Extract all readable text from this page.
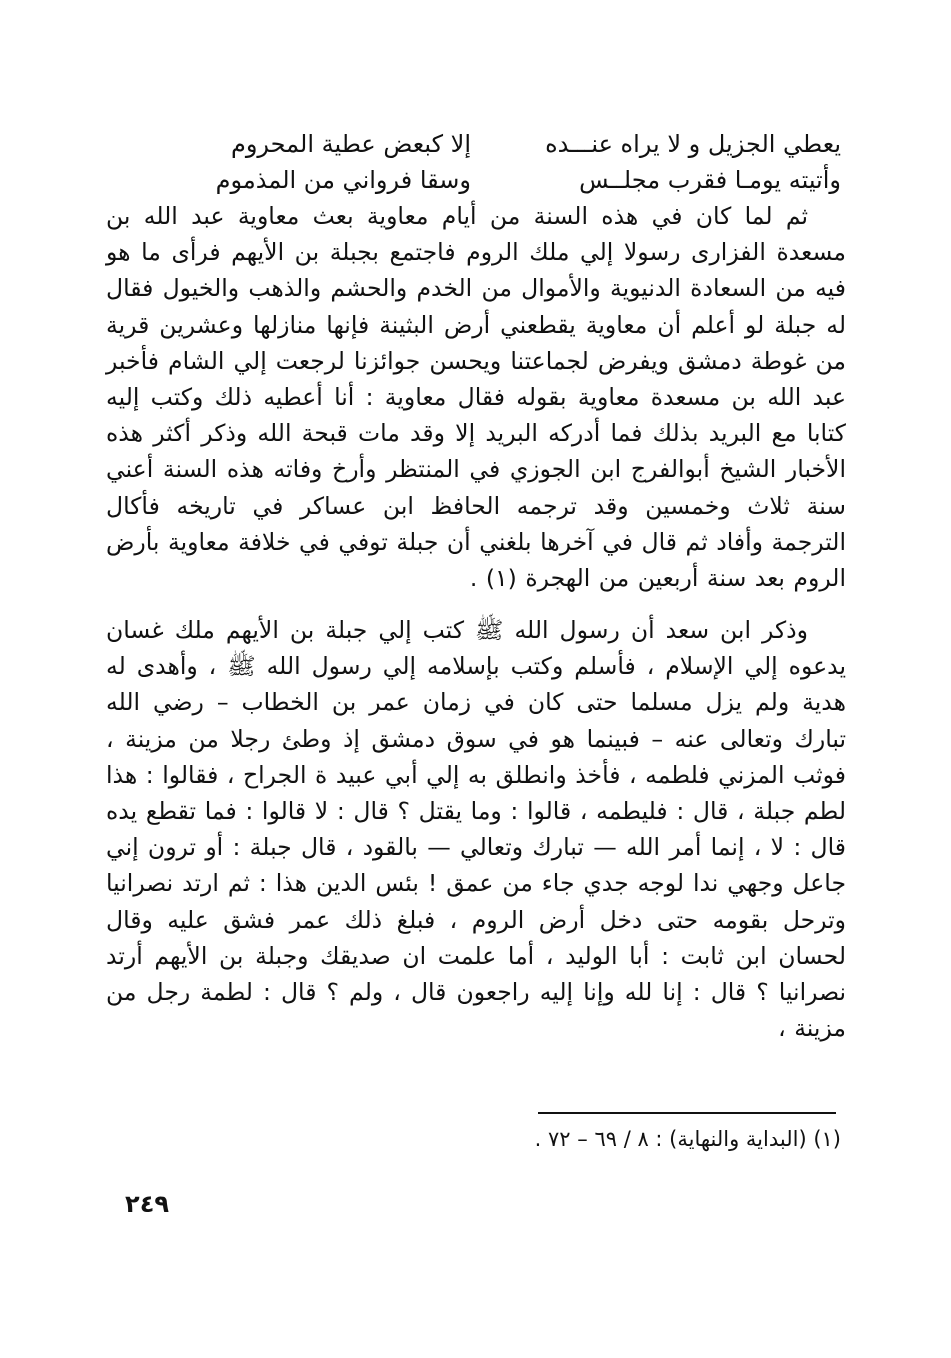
يعطي الجزيل و لا يراه عنـــده
إلا كبعض عطية المحروم
وأتيته يومـا فقرب مجلــس
وسقا فرواني من المذموم

ثم لما كان في هذه السنة من أيام معاوية بعث معاوية عبد الله بن مسعدة الفزارى رسولا إلي ملك الروم فاجتمع بجبلة بن الأيهم فرأى ما هو فيه من السعادة الدنيوية والأموال من الخدم والحشم والذهب والخيول فقال له جبلة لو أعلم أن معاوية يقطعني أرض البثينة فإنها منازلها وعشرين قرية من غوطة دمشق ويفرض لجماعتنا ويحسن جوائزنا لرجعت إلي الشام فأخبر عبد الله بن مسعدة معاوية بقوله فقال معاوية : أنا أعطيه ذلك وكتب إليه كتابا مع البريد بذلك فما أدركه البريد إلا وقد مات قبحة الله وذكر أكثر هذه الأخبار الشيخ أبوالفرج ابن الجوزي في المنتظر وأرخ وفاته هذه السنة أعني سنة ثلاث وخمسين وقد ترجمه الحافظ ابن عساكر في تاريخه فأكال الترجمة وأفاد ثم قال في آخرها بلغني أن جبلة توفي في خلافة معاوية بأرض الروم بعد سنة أربعين من الهجرة (١) .

وذكر ابن سعد أن رسول الله ﷺ كتب إلي جبلة بن الأيهم ملك غسان يدعوه إلي الإسلام ، فأسلم وكتب بإسلامه إلي رسول الله ﷺ ، وأهدى له هدية ولم يزل مسلما حتى كان في زمان عمر بن الخطاب – رضي الله تبارك وتعالى عنه – فبينما هو في سوق دمشق إذ وطئ رجلا من مزينة ، فوثب المزني فلطمه ، فأخذ وانطلق به إلي أبي عبيد ة الجراح ، فقالوا : هذا لطم جبلة ، قال : فليطمه ، قالوا : وما يقتل ؟ قال : لا قالوا : فما تقطع يده قال : لا ، إنما أمر الله — تبارك وتعالي — بالقود ، قال جبلة : أو ترون إني جاعل وجهي ندا لوجه جدي جاء من عمق ! بئس الدين هذا : ثم ارتد نصرانيا وترحل بقومه حتى دخل أرض الروم ، فبلغ ذلك عمر فشق عليه وقال لحسان ابن ثابت : أبا الوليد ، أما علمت ان صديقك وجبلة بن الأيهم أرتد نصرانيا ؟ قال : إنا لله وإنا إليه راجعون قال ، ولم ؟ قال : لطمة رجل من مزينة ،

(١) (البداية والنهاية) : ٨ / ٦٩ – ٧٢ .
٢٤٩
